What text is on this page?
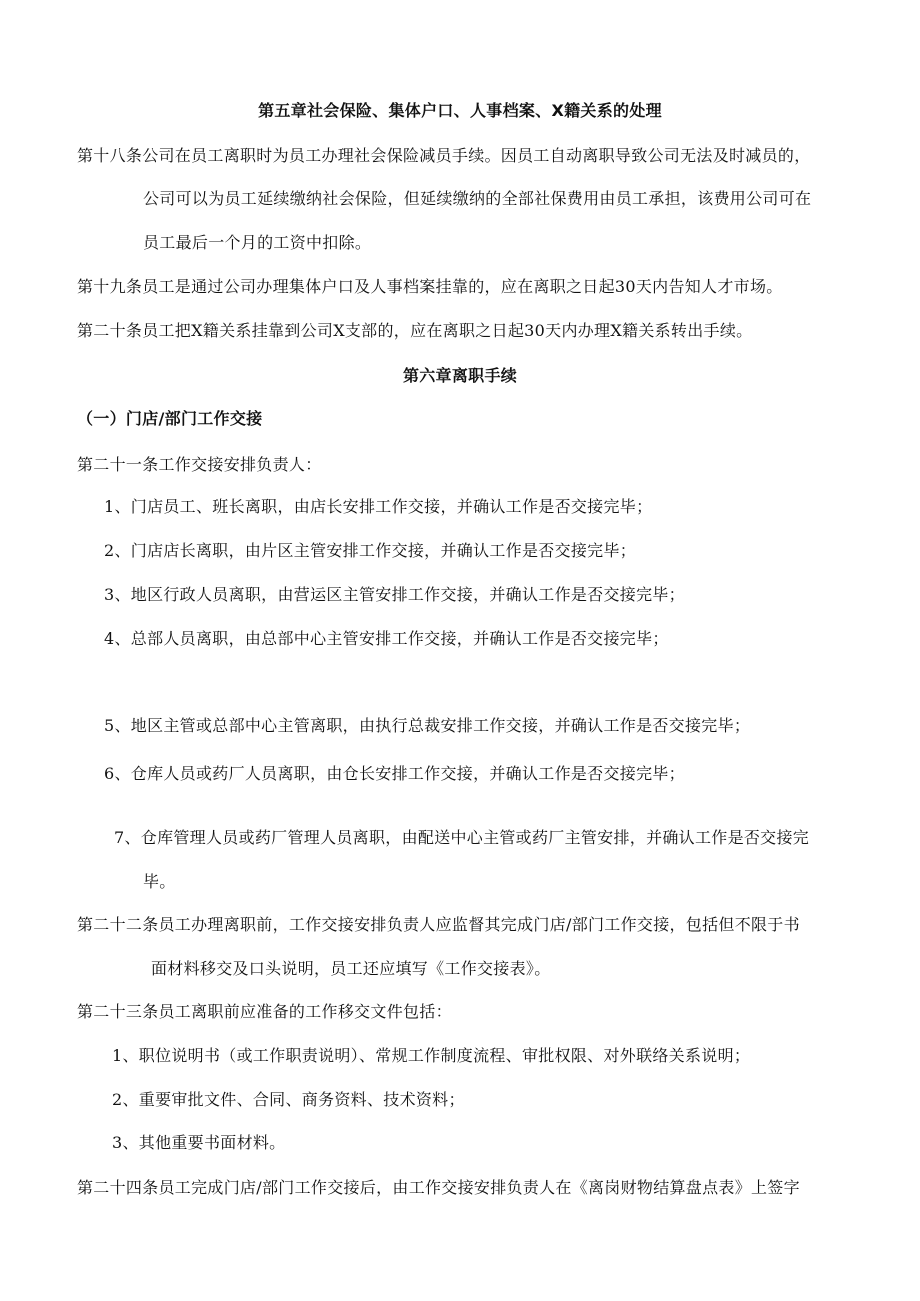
第五章社会保险、集体户口、人事档案、X籍关系的处理
第十八条公司在员工离职时为员工办理社会保险减员手续。因员工自动离职导致公司无法及时减员的，
公司可以为员工延续缴纳社会保险，但延续缴纳的全部社保费用由员工承担，该费用公司可在
员工最后一个月的工资中扣除。
第十九条员工是通过公司办理集体户口及人事档案挂靠的，应在离职之日起30天内告知人才市场。
第二十条员工把X籍关系挂靠到公司X支部的，应在离职之日起30天内办理X籍关系转出手续。
第六章离职手续
（一）门店/部门工作交接
第二十一条工作交接安排负责人：
1、门店员工、班长离职，由店长安排工作交接，并确认工作是否交接完毕；
2、门店店长离职，由片区主管安排工作交接，并确认工作是否交接完毕；
3、地区行政人员离职，由营运区主管安排工作交接，并确认工作是否交接完毕；
4、总部人员离职，由总部中心主管安排工作交接，并确认工作是否交接完毕；
5、地区主管或总部中心主管离职，由执行总裁安排工作交接，并确认工作是否交接完毕；
6、仓库人员或药厂人员离职，由仓长安排工作交接，并确认工作是否交接完毕；
7、仓库管理人员或药厂管理人员离职，由配送中心主管或药厂主管安排，并确认工作是否交接完
毕。
第二十二条员工办理离职前，工作交接安排负责人应监督其完成门店/部门工作交接，包括但不限于书
面材料移交及口头说明，员工还应填写《工作交接表》。
第二十三条员工离职前应准备的工作移交文件包括：
1、职位说明书（或工作职责说明）、常规工作制度流程、审批权限、对外联络关系说明；
2、重要审批文件、合同、商务资料、技术资料；
3、其他重要书面材料。
第二十四条员工完成门店/部门工作交接后，由工作交接安排负责人在《离岗财物结算盘点表》上签字
